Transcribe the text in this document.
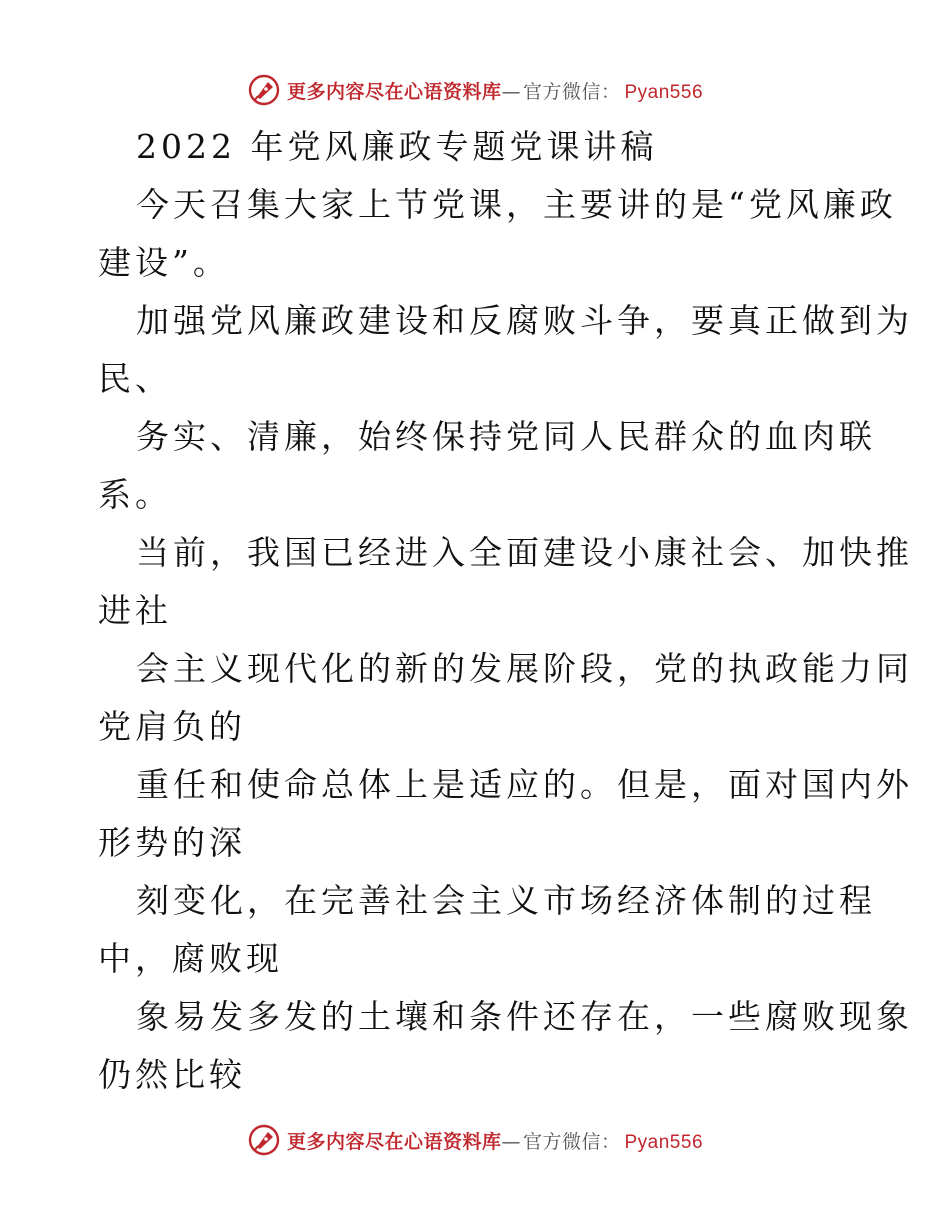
更多内容尽在心语资料库— 官方微信： Pyan556
2022 年党风廉政专题党课讲稿
今天召集大家上节党课，主要讲的是“党风廉政
建设”。
加强党风廉政建设和反腐败斗争，要真正做到为
民、
务实、清廉，始终保持党同人民群众的血肉联
系。
当前，我国已经进入全面建设小康社会、加快推
进社
会主义现代化的新的发展阶段，党的执政能力同
党肩负的
重任和使命总体上是适应的。但是，面对国内外
形势的深
刻变化，在完善社会主义市场经济体制的过程
中，腐败现
象易发多发的土壤和条件还存在，一些腐败现象
仍然比较
更多内容尽在心语资料库— 官方微信： Pyan556
